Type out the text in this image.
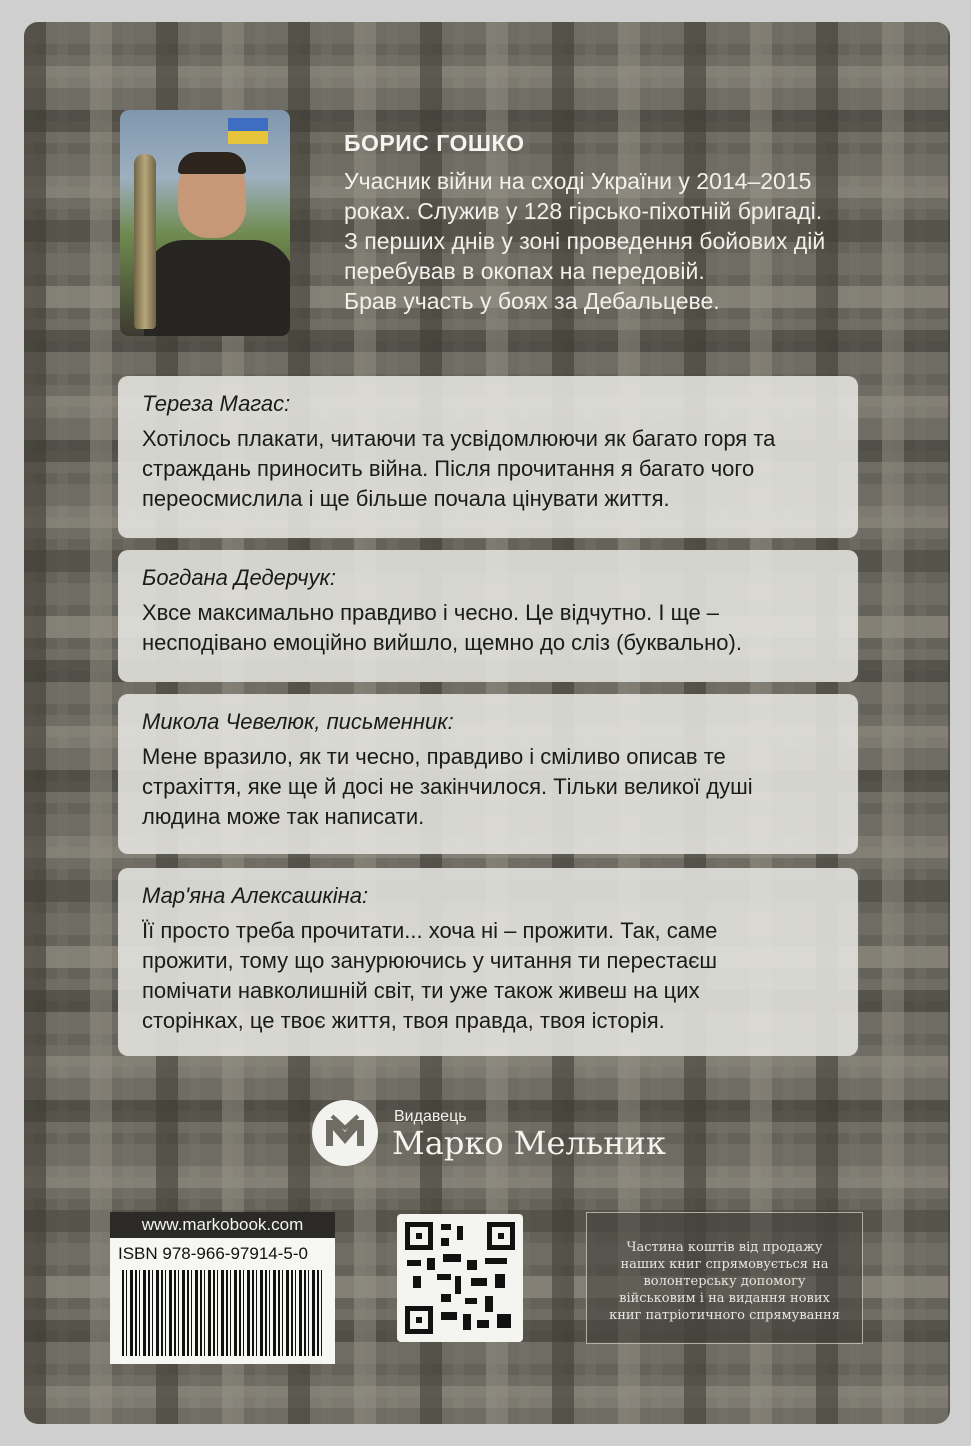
БОРИС ГОШКО
Учасник війни на сході України у 2014–2015
роках. Служив у 128 гірсько-піхотній бригаді.
З перших днів у зоні проведення бойових дій
перебував в окопах на передовій.
Брав участь у боях за Дебальцеве.
Тереза Магас:
Хотілось плакати, читаючи та усвідомлюючи як багато горя та
страждань приносить війна. Після прочитання я багато чого
переосмислила і ще більше почала цінувати життя.
Богдана Дедерчук:
Хвсе максимально правдиво і чесно. Це відчутно. І ще –
несподівано емоційно вийшло, щемно до сліз (буквально).
Микола Чевелюк, письменник:
Мене вразило, як ти чесно, правдиво і сміливо описав те
страхіття, яке ще й досі не закінчилося. Тільки великої душі
людина може так написати.
Мар'яна Алексашкіна:
Її просто треба прочитати... хоча ні – прожити. Так, саме
прожити, тому що занурюючись у читання ти перестаєш
помічати навколишній світ, ти уже також живеш на цих
сторінках, це твоє життя, твоя правда, твоя історія.
Видавець
Марко Мельник
www.markobook.com
ISBN 978-966-97914-5-0	Частина коштів від продажу
наших книг спрямовується на
волонтерську допомогу
військовим і на видання нових
книг патріотичного спрямування
